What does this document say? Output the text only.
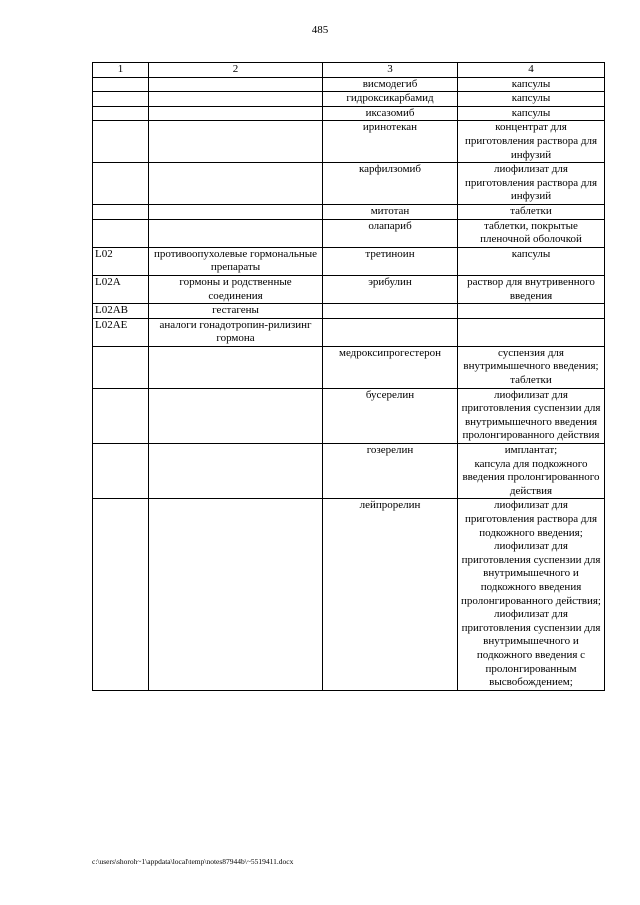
485
1	2	3	4
		висмодегиб	капсулы
		гидроксикарбамид	капсулы
		иксазомиб	капсулы
		иринотекан	концентрат для приготовления раствора для инфузий
		карфилзомиб	лиофилизат для приготовления раствора для инфузий
		митотан	таблетки
		олапариб	таблетки, покрытые пленочной оболочкой
L02	противоопухолевые гормональные препараты	третиноин	капсулы
L02A	гормоны и родственные соединения	эрибулин	раствор для внутривенного введения
L02AB	гестагены		
L02AE	аналоги гонадотропин-рилизинг гормона		
		медроксипрогестерон	суспензия для внутримышечного введения;
таблетки
		бусерелин	лиофилизат для приготовления суспензии для внутримышечного введения пролонгированного действия
		гозерелин	имплантат;
капсула для подкожного введения пролонгированного действия
		лейпрорелин	лиофилизат для приготовления раствора для подкожного введения;
лиофилизат для приготовления суспензии для внутримышечного и подкожного введения пролонгированного действия;
лиофилизат для приготовления суспензии для внутримышечного и подкожного введения с пролонгированным высвобождением;
c:\users\shoroh~1\appdata\local\temp\notes87944b\~5519411.docx
